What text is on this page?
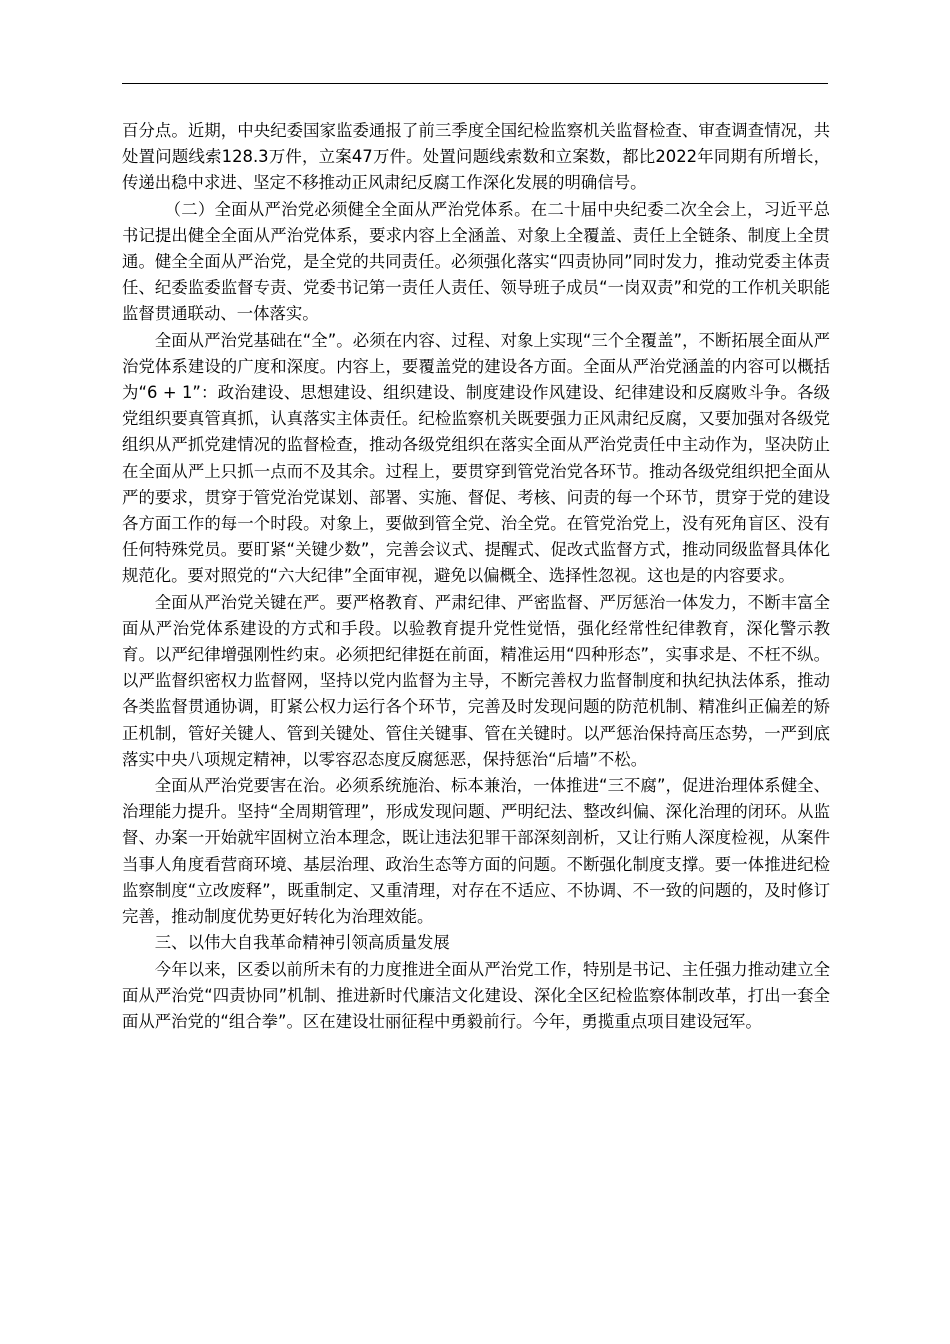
百分点。近期，中央纪委国家监委通报了前三季度全国纪检监察机关监督检查、审查调查情况，共处置问题线索128.3万件，立案47万件。处置问题线索数和立案数，都比2022年同期有所增长，传递出稳中求进、坚定不移推动正风肃纪反腐工作深化发展的明确信号。

（二）全面从严治党必须健全全面从严治党体系。在二十届中央纪委二次全会上，习近平总书记提出健全全面从严治党体系，要求内容上全涵盖、对象上全覆盖、责任上全链条、制度上全贯通。健全全面从严治党，是全党的共同责任。必须强化落实“四责协同”同时发力，推动党委主体责任、纪委监委监督专责、党委书记第一责任人责任、领导班子成员“一岗双责”和党的工作机关职能监督贯通联动、一体落实。

全面从严治党基础在“全”。必须在内容、过程、对象上实现“三个全覆盖”，不断拓展全面从严治党体系建设的广度和深度。内容上，要覆盖党的建设各方面。全面从严治党涵盖的内容可以概括为“6 + 1”：政治建设、思想建设、组织建设、制度建设作风建设、纪律建设和反腐败斗争。各级党组织要真管真抓，认真落实主体责任。纪检监察机关既要强力正风肃纪反腐，又要加强对各级党组织从严抓党建情况的监督检查，推动各级党组织在落实全面从严治党责任中主动作为，坚决防止在全面从严上只抓一点而不及其余。过程上，要贯穿到管党治党各环节。推动各级党组织把全面从严的要求，贯穿于管党治党谋划、部署、实施、督促、考核、问责的每一个环节，贯穿于党的建设各方面工作的每一个时段。对象上，要做到管全党、治全党。在管党治党上，没有死角盲区、没有任何特殊党员。要盯紧“关键少数”，完善会议式、提醒式、促改式监督方式，推动同级监督具体化规范化。要对照党的“六大纪律”全面审视，避免以偏概全、选择性忽视。这也是的内容要求。

全面从严治党关键在严。要严格教育、严肃纪律、严密监督、严厉惩治一体发力，不断丰富全面从严治党体系建设的方式和手段。以验教育提升党性觉悟，强化经常性纪律教育，深化警示教育。以严纪律增强刚性约束。必须把纪律挺在前面，精准运用“四种形态”，实事求是、不枉不纵。以严监督织密权力监督网，坚持以党内监督为主导，不断完善权力监督制度和执纪执法体系，推动各类监督贯通协调，盯紧公权力运行各个环节，完善及时发现问题的防范机制、精准纠正偏差的矫正机制，管好关键人、管到关键处、管住关键事、管在关键时。以严惩治保持高压态势，一严到底落实中央八项规定精神，以零容忍态度反腐惩恶，保持惩治“后墙”不松。

全面从严治党要害在治。必须系统施治、标本兼治，一体推进“三不腐”，促进治理体系健全、治理能力提升。坚持“全周期管理”，形成发现问题、严明纪法、整改纠偏、深化治理的闭环。从监督、办案一开始就牢固树立治本理念，既让违法犯罪干部深刻剖析，又让行贿人深度检视，从案件当事人角度看营商环境、基层治理、政治生态等方面的问题。不断强化制度支撑。要一体推进纪检监察制度“立改废释”，既重制定、又重清理，对存在不适应、不协调、不一致的问题的，及时修订完善，推动制度优势更好转化为治理效能。

三、以伟大自我革命精神引领高质量发展

今年以来，区委以前所未有的力度推进全面从严治党工作，特别是书记、主任强力推动建立全面从严治党“四责协同”机制、推进新时代廉洁文化建设、深化全区纪检监察体制改革，打出一套全面从严治党的“组合拳”。区在建设壮丽征程中勇毅前行。今年，勇揽重点项目建设冠军。
